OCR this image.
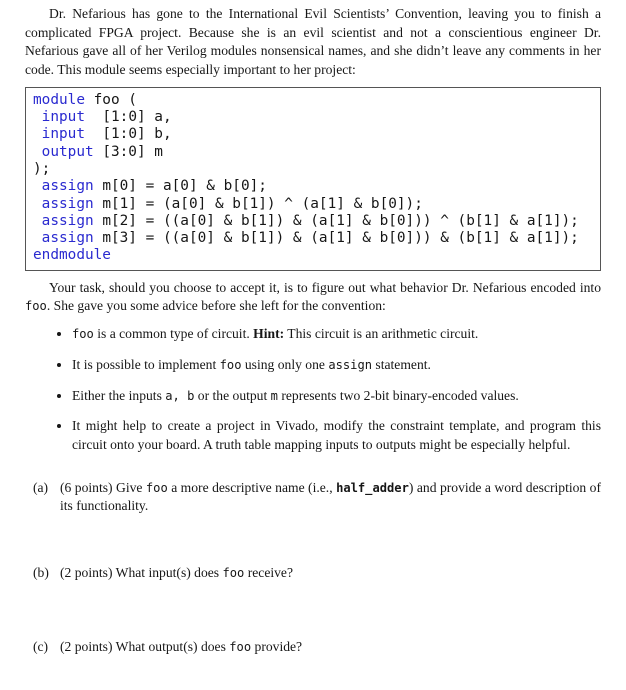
Dr. Nefarious has gone to the International Evil Scientists’ Convention, leaving you to finish a complicated FPGA project. Because she is an evil scientist and not a conscientious engineer Dr. Nefarious gave all of her Verilog modules nonsensical names, and she didn’t leave any comments in her code. This module seems especially important to her project:

module foo (
input  [1:0] a,
input  [1:0] b,
output [3:0] m
);
assign m[0] = a[0] & b[0];
assign m[1] = (a[0] & b[1]) ^ (a[1] & b[0]);
assign m[2] = ((a[0] & b[1]) & (a[1] & b[0])) ^ (b[1] & a[1]);
assign m[3] = ((a[0] & b[1]) & (a[1] & b[0])) & (b[1] & a[1]);
endmodule

Your task, should you choose to accept it, is to figure out what behavior Dr. Nefarious encoded into foo. She gave you some advice before she left for the convention:

• foo is a common type of circuit. Hint: This circuit is an arithmetic circuit.
• It is possible to implement foo using only one assign statement.
• Either the inputs a, b or the output m represents two 2-bit binary-encoded values.
• It might help to create a project in Vivado, modify the constraint template, and program this circuit onto your board. A truth table mapping inputs to outputs might be especially helpful.
(a) (6 points) Give foo a more descriptive name (i.e., half_adder) and provide a word description of its functionality.
(b) (2 points) What input(s) does foo receive?
(c) (2 points) What output(s) does foo provide?
